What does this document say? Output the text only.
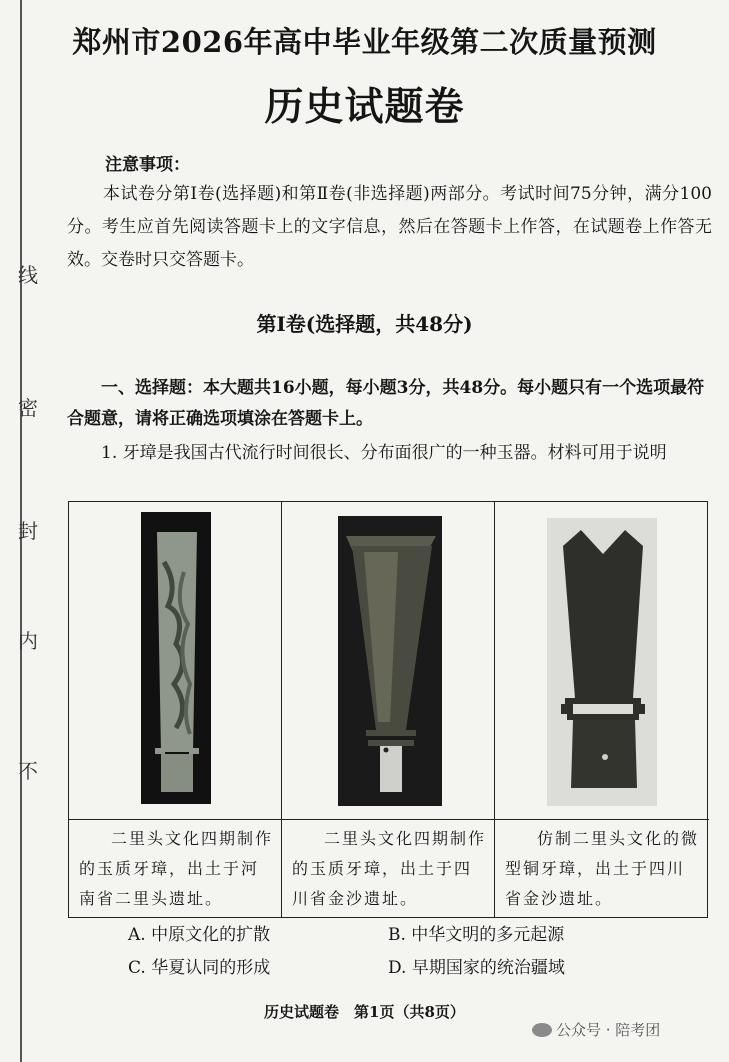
线
密
封
内
不
郑州市2026年高中毕业年级第二次质量预测
历史试题卷
注意事项：
本试卷分第Ⅰ卷(选择题)和第Ⅱ卷(非选择题)两部分。考试时间75分钟，满分100分。考生应首先阅读答题卡上的文字信息，然后在答题卡上作答，在试题卷上作答无效。交卷时只交答题卡。
第Ⅰ卷(选择题，共48分)
一、选择题：本大题共16小题，每小题3分，共48分。每小题只有一个选项最符合题意，请将正确选项填涂在答题卡上。
1. 牙璋是我国古代流行时间很长、分布面很广的一种玉器。材料可用于说明
二里头文化四期制作的玉质牙璋，出土于河南省二里头遗址。
二里头文化四期制作的玉质牙璋，出土于四川省金沙遗址。
仿制二里头文化的微型铜牙璋，出土于四川省金沙遗址。
A. 中原文化的扩散	B. 中华文明的多元起源
C. 华夏认同的形成	D. 早期国家的统治疆域
历史试题卷　第1页（共8页）
公众号 · 陪考团
